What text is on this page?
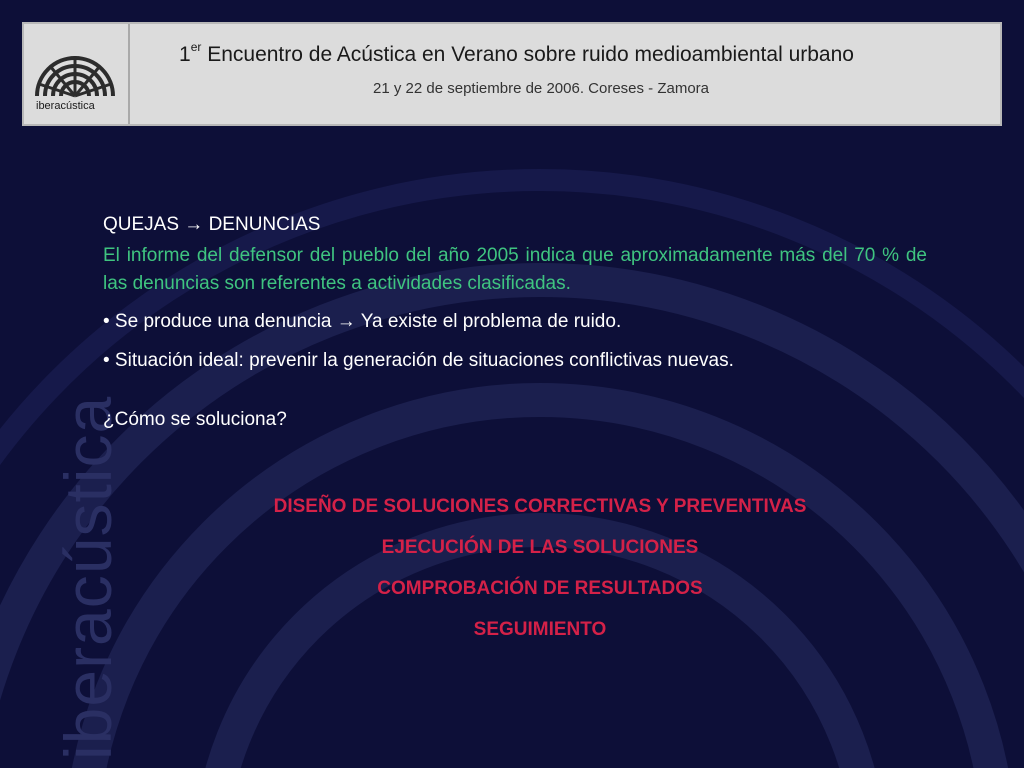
iberacústica
iberacústica
1er Encuentro de Acústica en Verano sobre ruido medioambiental urbano
21 y 22 de septiembre de 2006. Coreses - Zamora
QUEJAS → DENUNCIAS
El informe del defensor del pueblo del año 2005 indica que aproximadamente más del 70 % de las denuncias son referentes a actividades clasificadas.
• Se produce una denuncia → Ya existe el problema de ruido.
• Situación ideal: prevenir la generación de situaciones conflictivas nuevas.
¿Cómo se soluciona?
DISEÑO DE SOLUCIONES CORRECTIVAS Y PREVENTIVAS
EJECUCIÓN DE LAS SOLUCIONES
COMPROBACIÓN DE RESULTADOS
SEGUIMIENTO
